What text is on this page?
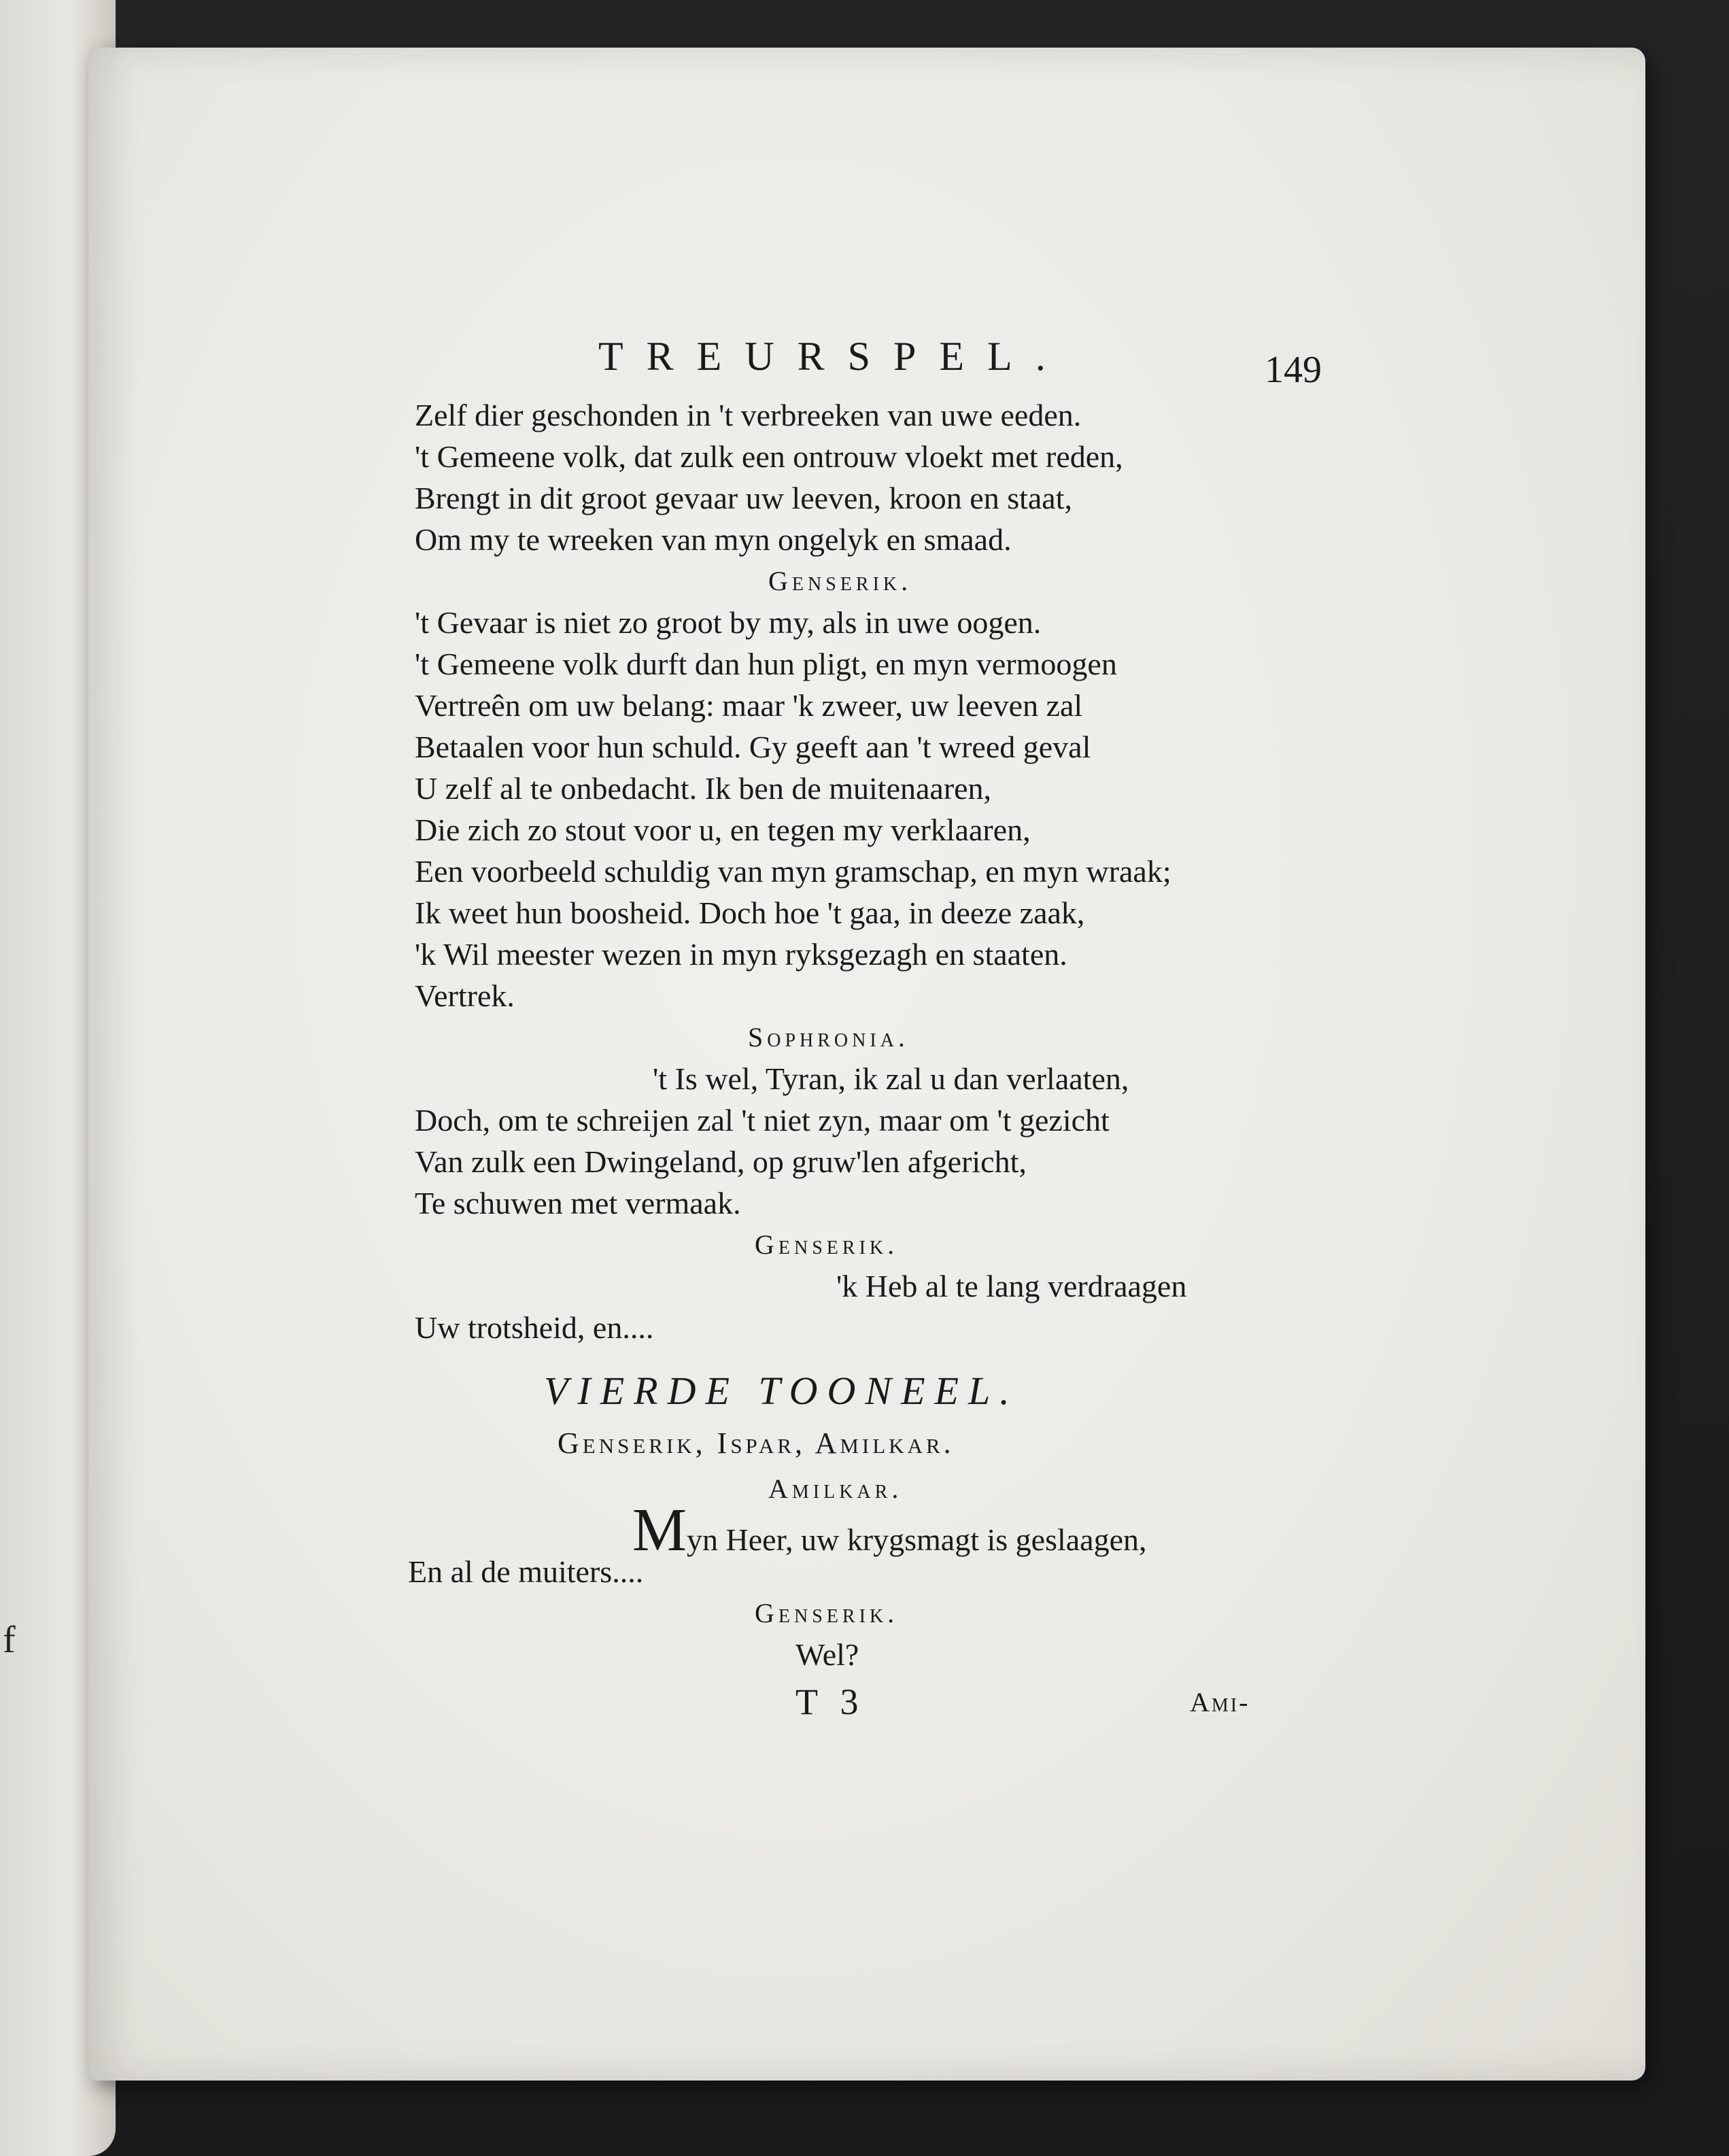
f
TREURSPEL.	149
Zelf dier geschonden in 't verbreeken van uwe eeden.
't Gemeene volk, dat zulk een ontrouw vloekt met reden,
Brengt in dit groot gevaar uw leeven, kroon en staat,
Om my te wreeken van myn ongelyk en smaad.
Genserik.
't Gevaar is niet zo groot by my, als in uwe oogen.
't Gemeene volk durft dan hun pligt, en myn vermoogen
Vertreên om uw belang: maar 'k zweer, uw leeven zal
Betaalen voor hun schuld. Gy geeft aan 't wreed geval
U zelf al te onbedacht. Ik ben de muitenaaren,
Die zich zo stout voor u, en tegen my verklaaren,
Een voorbeeld schuldig van myn gramschap, en myn wraak;
Ik weet hun boosheid. Doch hoe 't gaa, in deeze zaak,
'k Wil meester wezen in myn ryksgezagh en staaten.
Vertrek.
Sophronia.
't Is wel, Tyran, ik zal u dan verlaaten,
Doch, om te schreijen zal 't niet zyn, maar om 't gezicht
Van zulk een Dwingeland, op gruw'len afgericht,
Te schuwen met vermaak.
Genserik.
'k Heb al te lang verdraagen
Uw trotsheid, en....
VIERDE TOONEEL.
Genserik, Ispar, Amilkar.
Amilkar.
Myn Heer, uw krygsmagt is geslaagen,
En al de muiters....
Genserik.
Wel?
T 3	Ami-
